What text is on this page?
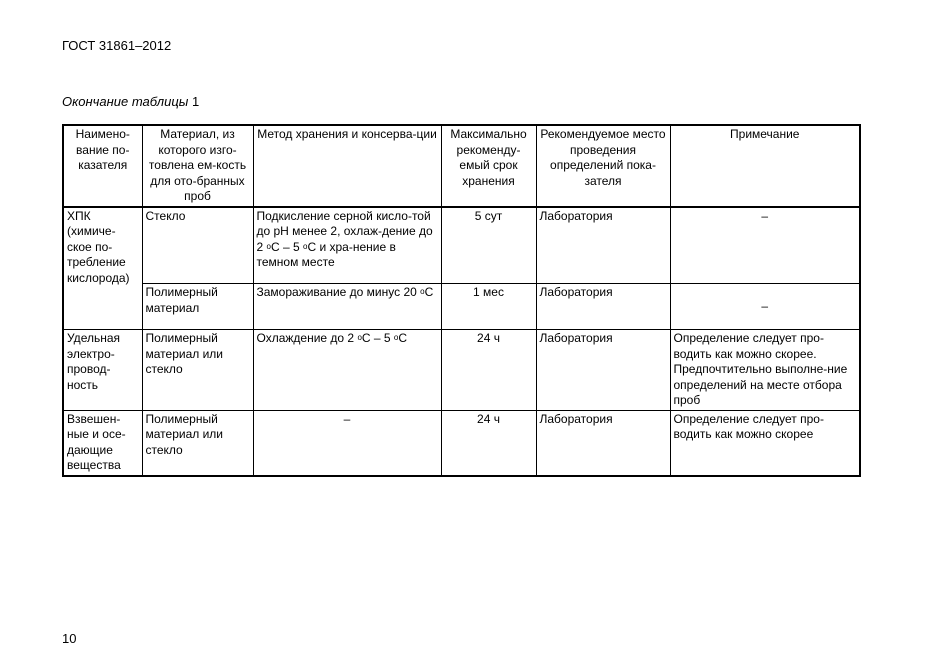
ГОСТ 31861–2012
Окончание таблицы 1
Наимено-вание по-казателя	Материал, из которого изго-товлена ем-кость для ото-бранных проб	Метод хранения и консерва-ции	Максимально рекоменду-емый срок хранения	Рекомендуемое место проведения определений пока-зателя	Примечание
ХПК (химиче-ское по-требление кислорода)	Стекло	Подкисление серной кисло-той до pH менее 2, охлаж-дение до 2 $^o$C – 5 $^o$C и хра-нение в темном месте	5 сут	Лаборатория	–
	Полимерный материал	Замораживание до минус 20 $^o$C	1 мес	Лаборатория	–
Удельная электро-провод-ность	Полимерный материал или стекло	Охлаждение до 2 $^o$C – 5 $^o$C	24 ч	Лаборатория	Определение следует про-водить как можно скорее. Предпочтительно выполне-ние определений на месте отбора проб
Взвешен-ные и осе-дающие вещества	Полимерный материал или стекло	–	24 ч	Лаборатория	Определение следует про-водить как можно скорее
10
